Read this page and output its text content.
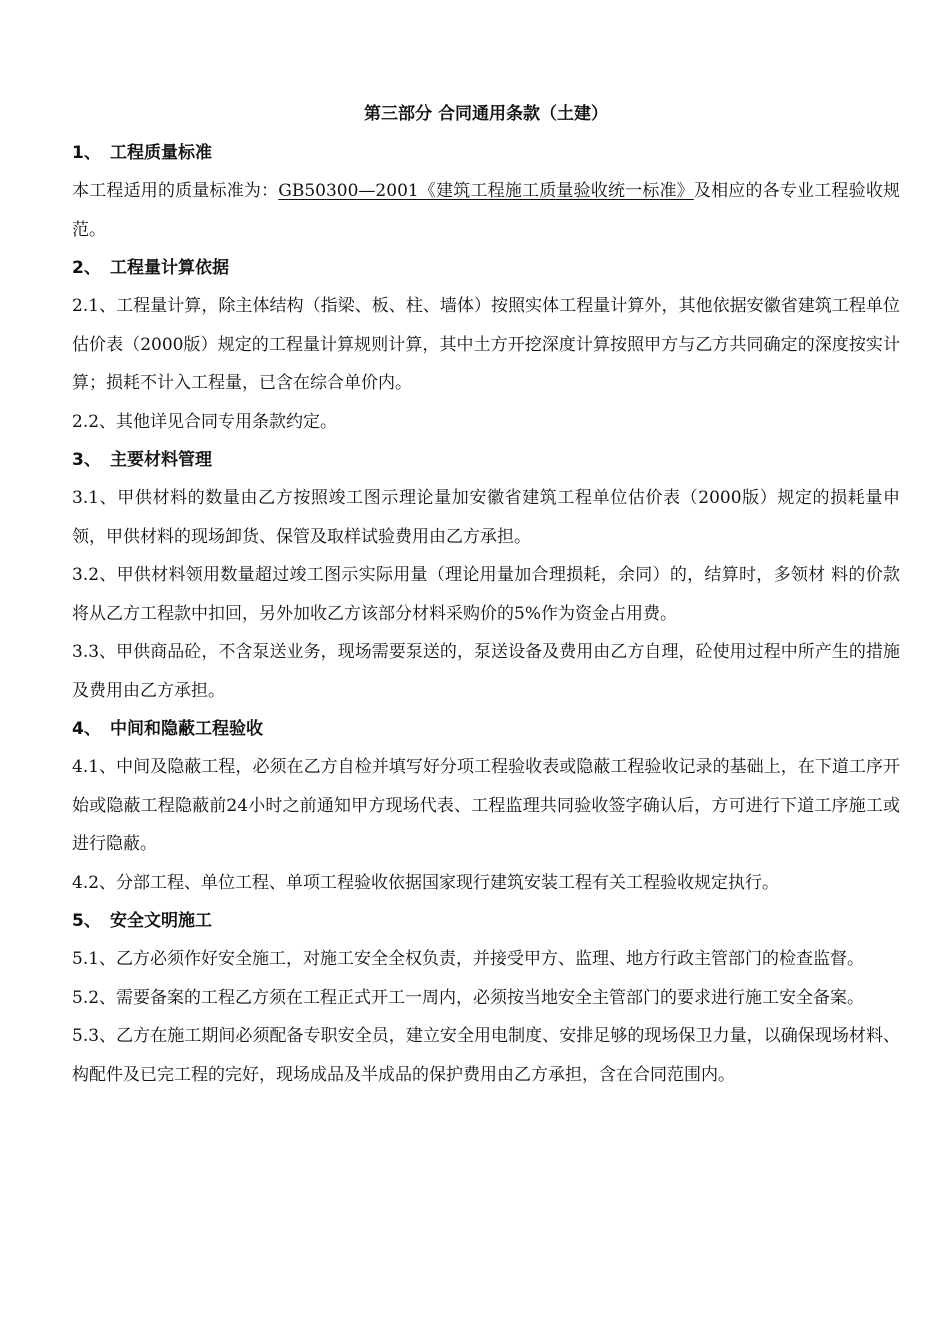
第三部分 合同通用条款（土建）
1、 工程质量标准
本工程适用的质量标准为：GB50300—2001《建筑工程施工质量验收统一标准》及相应的各专业工程验收规范。
2、 工程量计算依据
2.1、工程量计算，除主体结构（指梁、板、柱、墙体）按照实体工程量计算外，其他依据安徽省建筑工程单位估价表（2000版）规定的工程量计算规则计算，其中土方开挖深度计算按照甲方与乙方共同确定的深度按实计算；损耗不计入工程量，已含在综合单价内。
2.2、其他详见合同专用条款约定。
3、 主要材料管理
3.1、甲供材料的数量由乙方按照竣工图示理论量加安徽省建筑工程单位估价表（2000版）规定的损耗量申领，甲供材料的现场卸货、保管及取样试验费用由乙方承担。
3.2、甲供材料领用数量超过竣工图示实际用量（理论用量加合理损耗，余同）的，结算时，多领材 料的价款将从乙方工程款中扣回，另外加收乙方该部分材料采购价的5%作为资金占用费。
3.3、甲供商品砼，不含泵送业务，现场需要泵送的，泵送设备及费用由乙方自理，砼使用过程中所产生的措施及费用由乙方承担。
4、 中间和隐蔽工程验收
4.1、中间及隐蔽工程，必须在乙方自检并填写好分项工程验收表或隐蔽工程验收记录的基础上，在下道工序开始或隐蔽工程隐蔽前24小时之前通知甲方现场代表、工程监理共同验收签字确认后，方可进行下道工序施工或进行隐蔽。
4.2、分部工程、单位工程、单项工程验收依据国家现行建筑安装工程有关工程验收规定执行。
5、 安全文明施工
5.1、乙方必须作好安全施工，对施工安全全权负责，并接受甲方、监理、地方行政主管部门的检查监督。
5.2、需要备案的工程乙方须在工程正式开工一周内，必须按当地安全主管部门的要求进行施工安全备案。
5.3、乙方在施工期间必须配备专职安全员，建立安全用电制度、安排足够的现场保卫力量，以确保现场材料、构配件及已完工程的完好，现场成品及半成品的保护费用由乙方承担，含在合同范围内。
